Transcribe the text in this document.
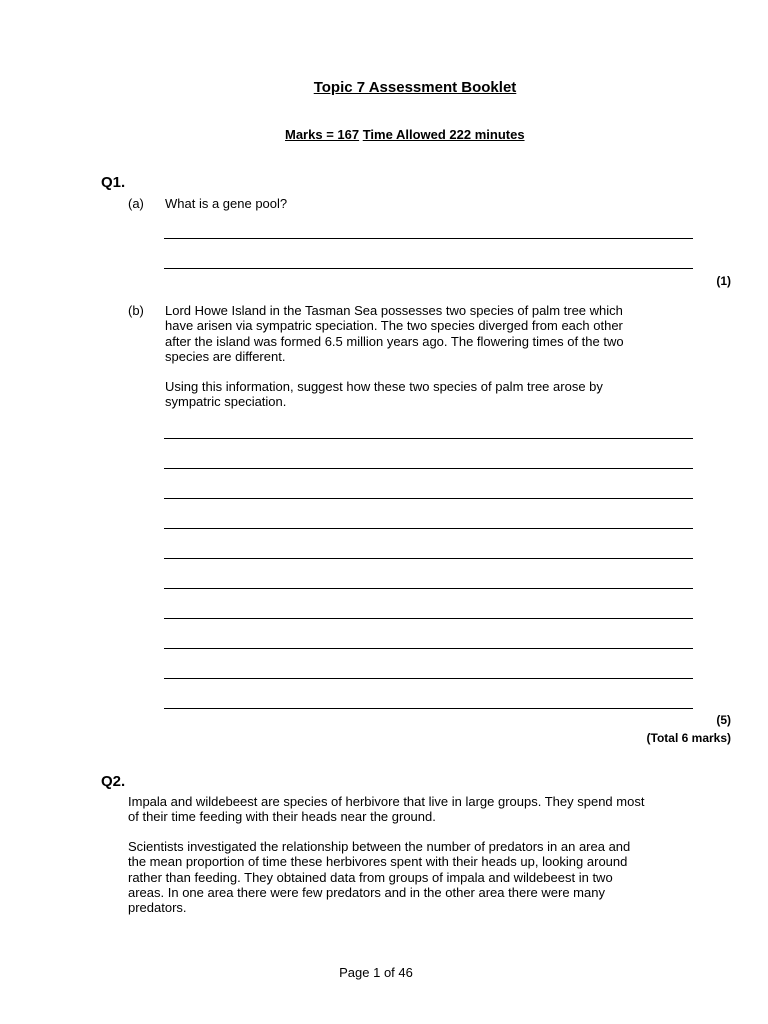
Topic 7 Assessment Booklet
Marks = 167 Time Allowed 222 minutes
Q1.
(a) What is a gene pool?
(1)
(b) Lord Howe Island in the Tasman Sea possesses two species of palm tree which
have arisen via sympatric speciation. The two species diverged from each other
after the island was formed 6.5 million years ago. The flowering times of the two
species are different.
Using this information, suggest how these two species of palm tree arose by
sympatric speciation.
(5)
(Total 6 marks)
Q2.
Impala and wildebeest are species of herbivore that live in large groups. They spend most
of their time feeding with their heads near the ground.
Scientists investigated the relationship between the number of predators in an area and
the mean proportion of time these herbivores spent with their heads up, looking around
rather than feeding. They obtained data from groups of impala and wildebeest in two
areas. In one area there were few predators and in the other area there were many
predators.
Page 1 of 46
